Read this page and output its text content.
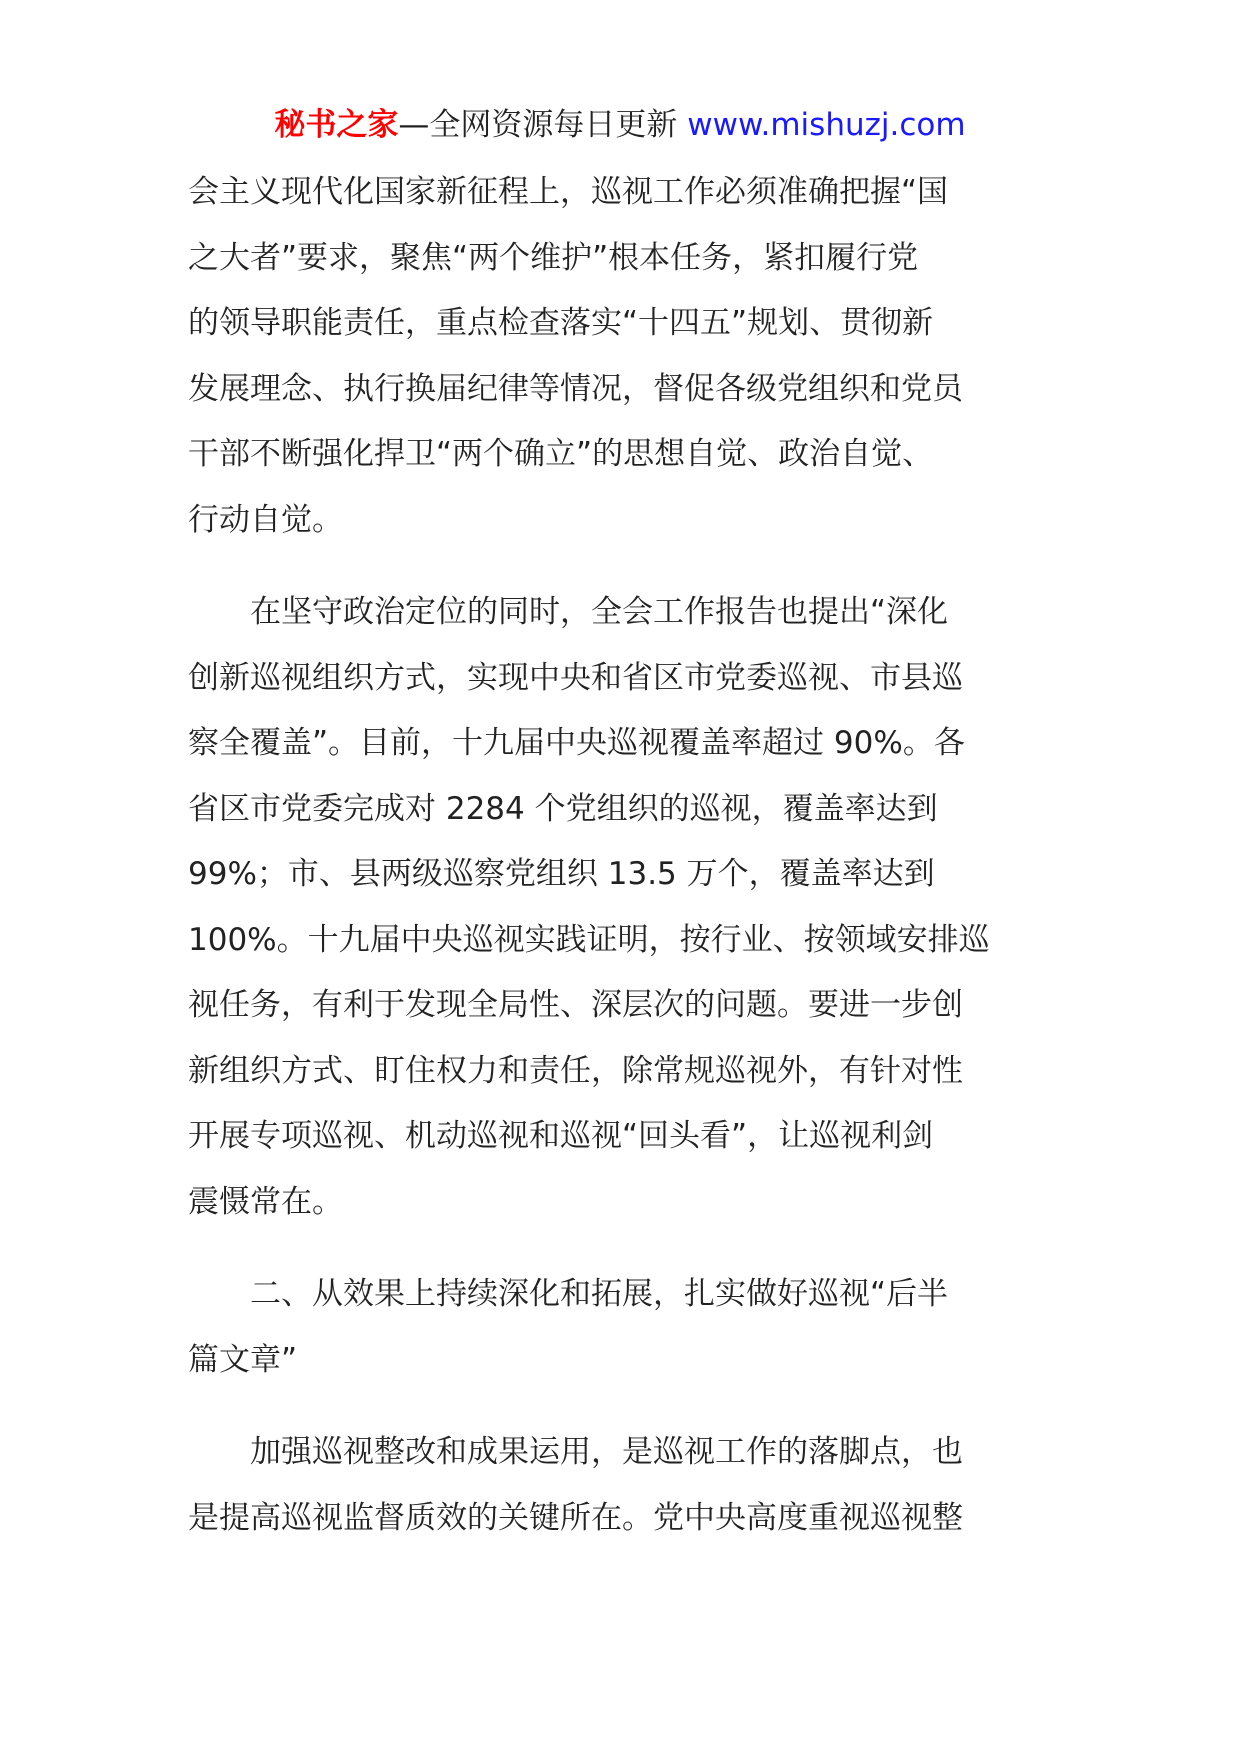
秘书之家—全网资源每日更新 www.mishuzj.com

会主义现代化国家新征程上，巡视工作必须准确把握“国
之大者”要求，聚焦“两个维护”根本任务，紧扣履行党
的领导职能责任，重点检查落实“十四五”规划、贯彻新
发展理念、执行换届纪律等情况，督促各级党组织和党员
干部不断强化捍卫“两个确立”的思想自觉、政治自觉、
行动自觉。

　　在坚守政治定位的同时，全会工作报告也提出“深化
创新巡视组织方式，实现中央和省区市党委巡视、市县巡
察全覆盖”。目前，十九届中央巡视覆盖率超过 90%。各
省区市党委完成对 2284 个党组织的巡视，覆盖率达到
99%；市、县两级巡察党组织 13.5 万个，覆盖率达到
100%。十九届中央巡视实践证明，按行业、按领域安排巡
视任务，有利于发现全局性、深层次的问题。要进一步创
新组织方式、盯住权力和责任，除常规巡视外，有针对性
开展专项巡视、机动巡视和巡视“回头看”，让巡视利剑
震慑常在。

　　二、从效果上持续深化和拓展，扎实做好巡视“后半
篇文章”

　　加强巡视整改和成果运用，是巡视工作的落脚点，也
是提高巡视监督质效的关键所在。党中央高度重视巡视整
